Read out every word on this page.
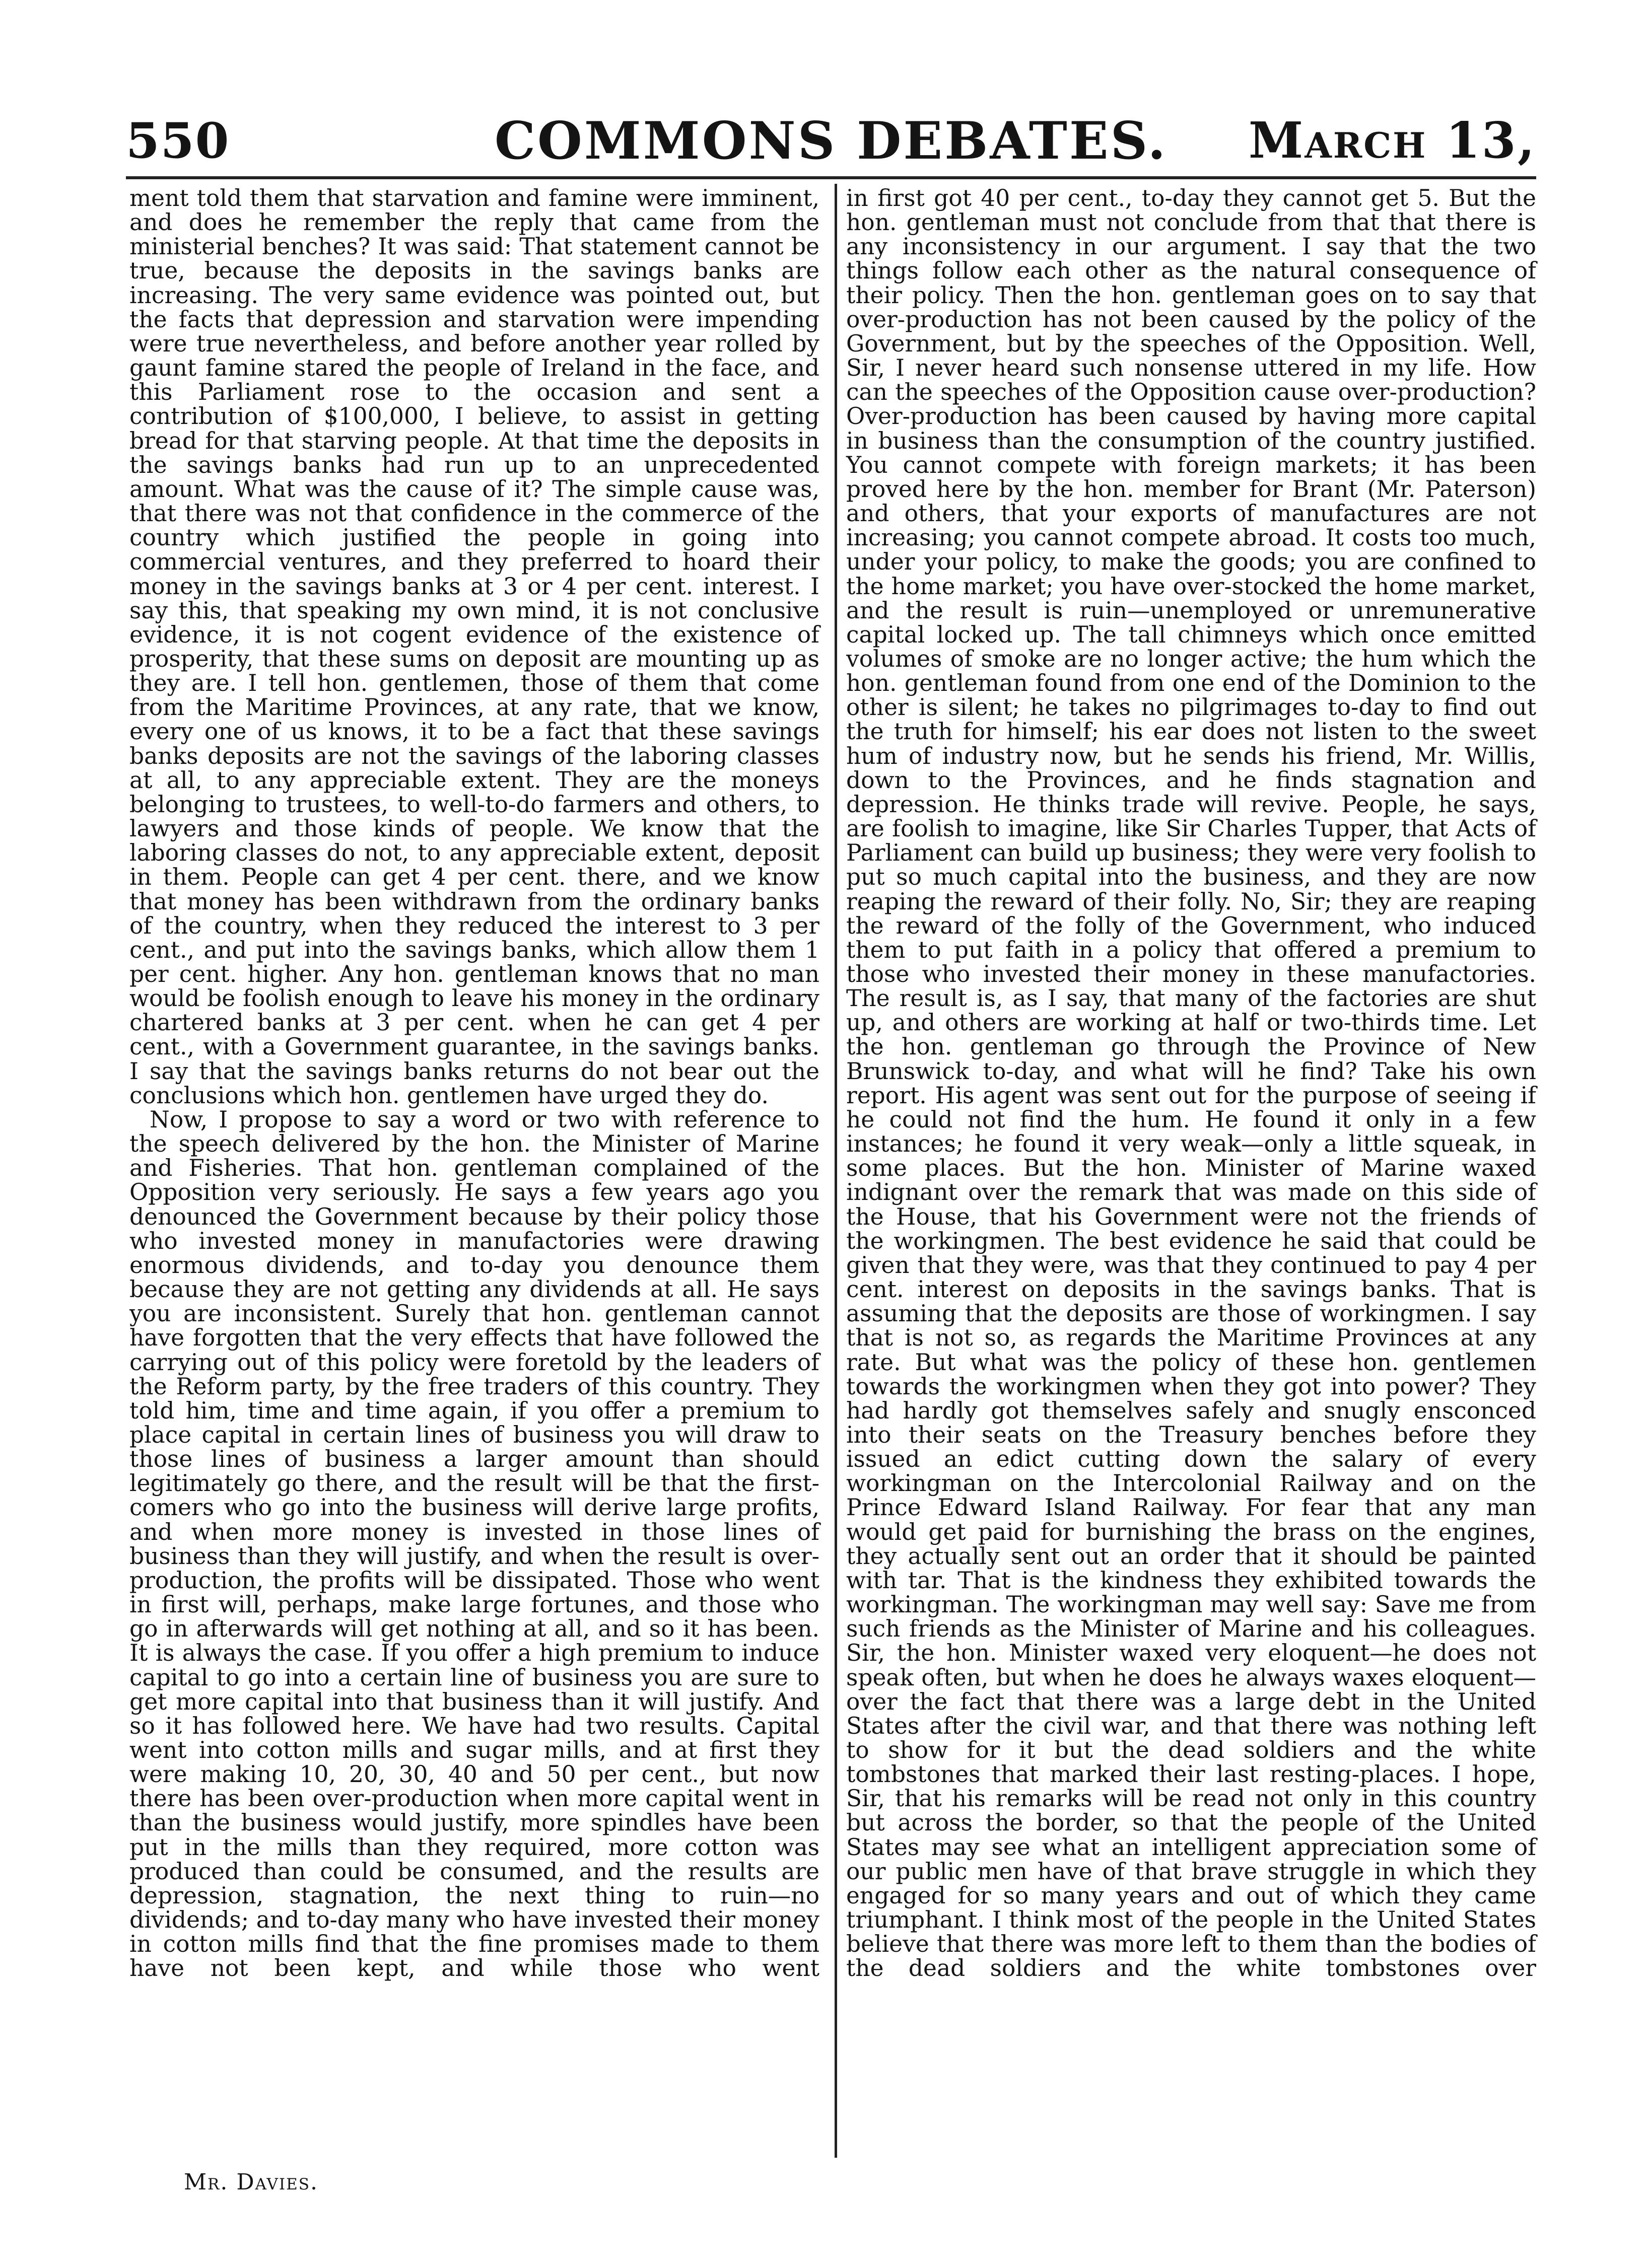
550	COMMONS DEBATES.	March 13,

ment told them that starvation and famine were imminent, and does he remember the reply that came from the ministerial benches? It was said: That statement cannot be true, because the deposits in the savings banks are increasing. The very same evidence was pointed out, but the facts that depression and starvation were impending were true nevertheless, and before another year rolled by gaunt famine stared the people of Ireland in the face, and this Parliament rose to the occasion and sent a contribution of $100,000, I believe, to assist in getting bread for that starving people. At that time the deposits in the savings banks had run up to an unprecedented amount. What was the cause of it? The simple cause was, that there was not that confidence in the commerce of the country which justified the people in going into commercial ventures, and they preferred to hoard their money in the savings banks at 3 or 4 per cent. interest. I say this, that speaking my own mind, it is not conclusive evidence, it is not cogent evidence of the existence of prosperity, that these sums on deposit are mounting up as they are. I tell hon. gentlemen, those of them that come from the Maritime Provinces, at any rate, that we know, every one of us knows, it to be a fact that these savings banks deposits are not the savings of the laboring classes at all, to any appreciable extent. They are the moneys belonging to trustees, to well-to-do farmers and others, to lawyers and those kinds of people. We know that the laboring classes do not, to any appreciable extent, deposit in them. People can get 4 per cent. there, and we know that money has been withdrawn from the ordinary banks of the country, when they reduced the interest to 3 per cent., and put into the savings banks, which allow them 1 per cent. higher. Any hon. gentleman knows that no man would be foolish enough to leave his money in the ordinary chartered banks at 3 per cent. when he can get 4 per cent., with a Government guarantee, in the savings banks. I say that the savings banks returns do not bear out the conclusions which hon. gentlemen have urged they do.

Now, I propose to say a word or two with reference to the speech delivered by the hon. the Minister of Marine and Fisheries. That hon. gentleman complained of the Opposition very seriously. He says a few years ago you denounced the Government because by their policy those who invested money in manufactories were drawing enormous dividends, and to-day you denounce them because they are not getting any dividends at all. He says you are inconsistent. Surely that hon. gentleman cannot have forgotten that the very effects that have followed the carrying out of this policy were foretold by the leaders of the Reform party, by the free traders of this country. They told him, time and time again, if you offer a premium to place capital in certain lines of business you will draw to those lines of business a larger amount than should legitimately go there, and the result will be that the first-comers who go into the business will derive large profits, and when more money is invested in those lines of business than they will justify, and when the result is over-production, the profits will be dissipated. Those who went in first will, perhaps, make large fortunes, and those who go in afterwards will get nothing at all, and so it has been. It is always the case. If you offer a high premium to induce capital to go into a certain line of business you are sure to get more capital into that business than it will justify. And so it has followed here. We have had two results. Capital went into cotton mills and sugar mills, and at first they were making 10, 20, 30, 40 and 50 per cent., but now there has been over-production when more capital went in than the business would justify, more spindles have been put in the mills than they required, more cotton was produced than could be consumed, and the results are depression, stagnation, the next thing to ruin—no dividends; and to-day many who have invested their money in cotton mills find that the fine promises made to them have not been kept, and while those who went

in first got 40 per cent., to-day they cannot get 5. But the hon. gentleman must not conclude from that that there is any inconsistency in our argument. I say that the two things follow each other as the natural consequence of their policy. Then the hon. gentleman goes on to say that over-production has not been caused by the policy of the Government, but by the speeches of the Opposition. Well, Sir, I never heard such nonsense uttered in my life. How can the speeches of the Opposition cause over-production? Over-production has been caused by having more capital in business than the consumption of the country justified. You cannot compete with foreign markets; it has been proved here by the hon. member for Brant (Mr. Paterson) and others, that your exports of manufactures are not increasing; you cannot compete abroad. It costs too much, under your policy, to make the goods; you are confined to the home market; you have over-stocked the home market, and the result is ruin—unemployed or unremunerative capital locked up. The tall chimneys which once emitted volumes of smoke are no longer active; the hum which the hon. gentleman found from one end of the Dominion to the other is silent; he takes no pilgrimages to-day to find out the truth for himself; his ear does not listen to the sweet hum of industry now, but he sends his friend, Mr. Willis, down to the Provinces, and he finds stagnation and depression. He thinks trade will revive. People, he says, are foolish to imagine, like Sir Charles Tupper, that Acts of Parliament can build up business; they were very foolish to put so much capital into the business, and they are now reaping the reward of their folly. No, Sir; they are reaping the reward of the folly of the Government, who induced them to put faith in a policy that offered a premium to those who invested their money in these manufactories. The result is, as I say, that many of the factories are shut up, and others are working at half or two-thirds time. Let the hon. gentleman go through the Province of New Brunswick to-day, and what will he find? Take his own report. His agent was sent out for the purpose of seeing if he could not find the hum. He found it only in a few instances; he found it very weak—only a little squeak, in some places. But the hon. Minister of Marine waxed indignant over the remark that was made on this side of the House, that his Government were not the friends of the workingmen. The best evidence he said that could be given that they were, was that they continued to pay 4 per cent. interest on deposits in the savings banks. That is assuming that the deposits are those of workingmen. I say that is not so, as regards the Maritime Provinces at any rate. But what was the policy of these hon. gentlemen towards the workingmen when they got into power? They had hardly got themselves safely and snugly ensconced into their seats on the Treasury benches before they issued an edict cutting down the salary of every workingman on the Intercolonial Railway and on the Prince Edward Island Railway. For fear that any man would get paid for burnishing the brass on the engines, they actually sent out an order that it should be painted with tar. That is the kindness they exhibited towards the workingman. The workingman may well say: Save me from such friends as the Minister of Marine and his colleagues. Sir, the hon. Minister waxed very eloquent—he does not speak often, but when he does he always waxes eloquent—over the fact that there was a large debt in the United States after the civil war, and that there was nothing left to show for it but the dead soldiers and the white tombstones that marked their last resting-places. I hope, Sir, that his remarks will be read not only in this country but across the border, so that the people of the United States may see what an intelligent appreciation some of our public men have of that brave struggle in which they engaged for so many years and out of which they came triumphant. I think most of the people in the United States believe that there was more left to them than the bodies of the dead soldiers and the white tombstones over

Mr. Davies.
